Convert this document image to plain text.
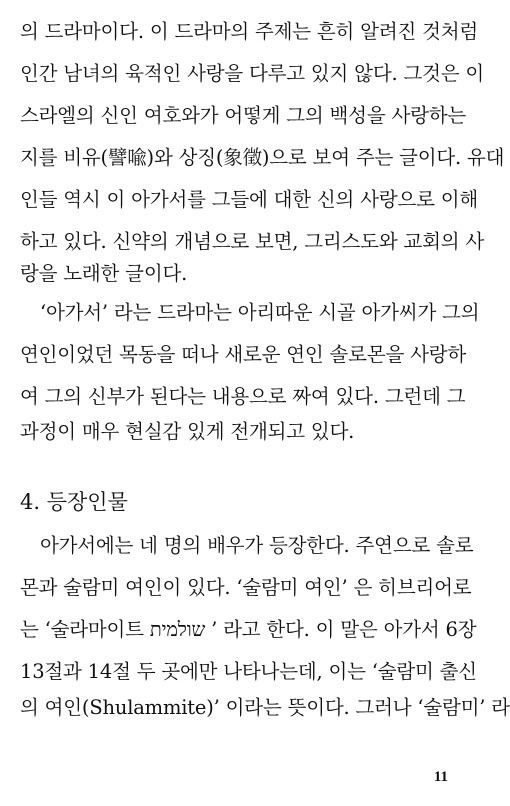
의 드라마이다. 이 드라마의 주제는 흔히 알려진 것처럼
인간 남녀의 육적인 사랑을 다루고 있지 않다. 그것은 이
스라엘의 신인 여호와가 어떻게 그의 백성을 사랑하는
지를 비유(譬喩)와 상징(象徵)으로 보여 주는 글이다. 유대
인들 역시 이 아가서를 그들에 대한 신의 사랑으로 이해
하고 있다. 신약의 개념으로 보면, 그리스도와 교회의 사
랑을 노래한 글이다.
‘아가서’ 라는 드라마는 아리따운 시골 아가씨가 그의
연인이었던 목동을 떠나 새로운 연인 솔로몬을 사랑하
여 그의 신부가 된다는 내용으로 짜여 있다. 그런데 그
과정이 매우 현실감 있게 전개되고 있다.
4. 등장인물
아가서에는 네 명의 배우가 등장한다. 주연으로 솔로
몬과 술람미 여인이 있다. ‘술람미 여인’ 은 히브리어로
는 ‘술라마이트 שולמית ’ 라고 한다. 이 말은 아가서 6장
13절과 14절 두 곳에만 나타나는데, 이는 ‘술람미 출신
의 여인(Shulammite)’ 이라는 뜻이다. 그러나 ‘술람미’ 라
11
